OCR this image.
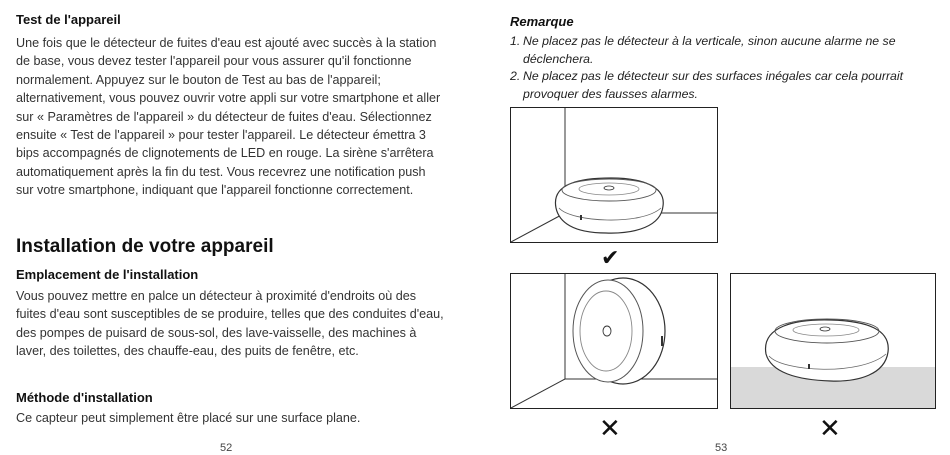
Test de l'appareil

Une fois que le détecteur de fuites d'eau est ajouté avec succès à la station de base, vous devez tester l'appareil pour vous assurer qu'il fonctionne normalement. Appuyez sur le bouton de Test au bas de l'appareil; alternativement, vous pouvez ouvrir votre appli sur votre smartphone et aller sur « Paramètres de l'appareil » du détecteur de fuites d'eau. Sélectionnez ensuite « Test de l'appareil » pour tester l'appareil. Le détecteur émettra 3 bips accompagnés de clignotements de LED en rouge. La sirène s'arrêtera automatiquement après la fin du test. Vous recevrez une notification push sur votre smartphone, indiquant que l'appareil fonctionne correctement.

Installation de votre appareil
Emplacement de l'installation

Vous pouvez mettre en palce un détecteur à proximité d'endroits où des fuites d'eau sont susceptibles de se produire, telles que des conduites d'eau, des pompes de puisard de sous-sol, des lave-vaisselle, des machines à laver, des toilettes, des chauffe-eau, des puits de fenêtre, etc.

Méthode d'installation

Ce capteur peut simplement être placé sur une surface plane.

52
Remarque
1. Ne placez pas le détecteur à la verticale, sinon aucune alarme ne se déclenchera.
2. Ne placez pas le détecteur sur des surfaces inégales car cela pourrait provoquer des fausses alarmes.
✔
✕	✕
53
